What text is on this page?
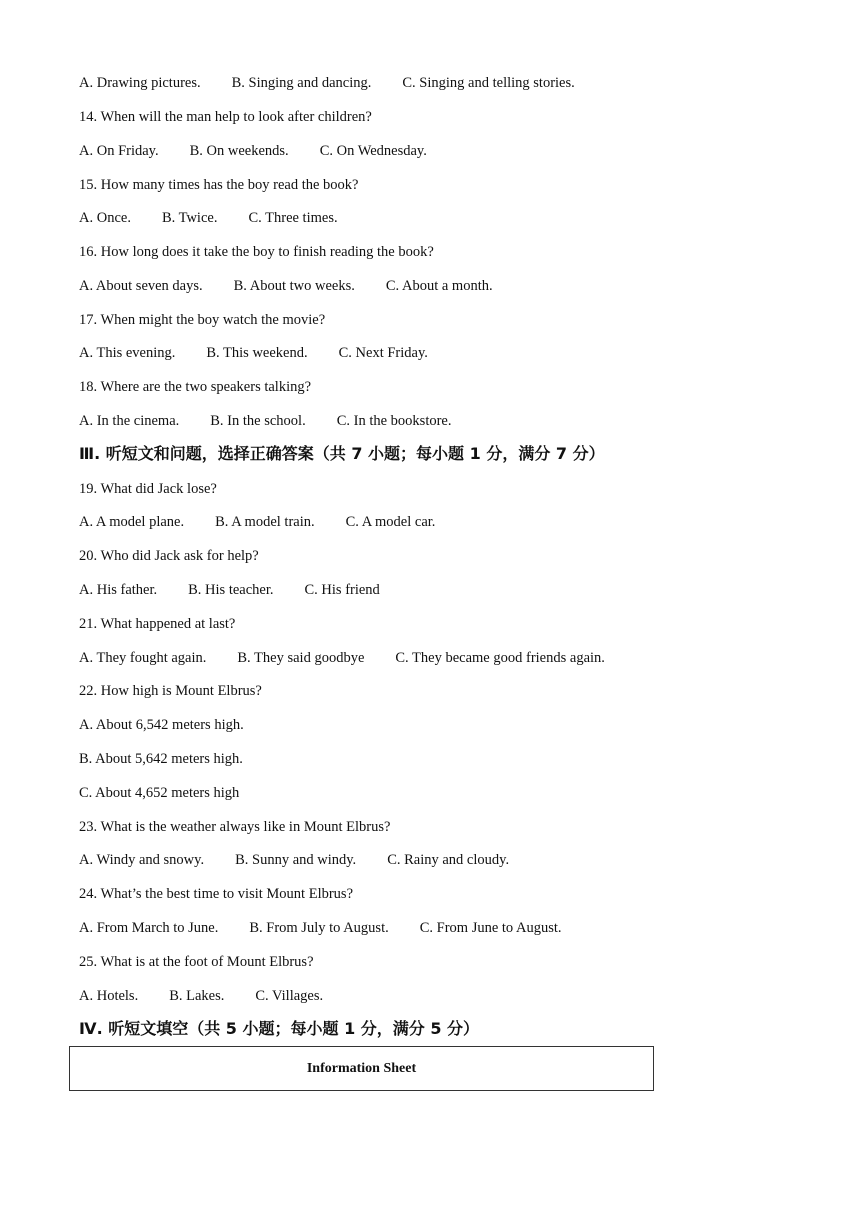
A. Drawing pictures. B. Singing and dancing. C. Singing and telling stories.
14. When will the man help to look after children?
A. On Friday. B. On weekends. C. On Wednesday.
15. How many times has the boy read the book?
A. Once. B. Twice. C. Three times.
16. How long does it take the boy to finish reading the book?
A. About seven days. B. About two weeks. C. About a month.
17. When might the boy watch the movie?
A. This evening. B. This weekend. C. Next Friday.
18. Where are the two speakers talking?
A. In the cinema. B. In the school. C. In the bookstore.
Ⅲ. 听短文和问题，选择正确答案（共 7 小题；每小题 1 分，满分 7 分）
19. What did Jack lose?
A. A model plane. B. A model train. C. A model car.
20. Who did Jack ask for help?
A. His father. B. His teacher. C. His friend
21. What happened at last?
A. They fought again. B. They said goodbye C. They became good friends again.
22. How high is Mount Elbrus?
A. About 6,542 meters high.
B. About 5,642 meters high.
C. About 4,652 meters high
23. What is the weather always like in Mount Elbrus?
A. Windy and snowy. B. Sunny and windy. C. Rainy and cloudy.
24. What’s the best time to visit Mount Elbrus?
A. From March to June. B. From July to August. C. From June to August.
25. What is at the foot of Mount Elbrus?
A. Hotels. B. Lakes. C. Villages.
Ⅳ. 听短文填空（共 5 小题；每小题 1 分，满分 5 分）
Information Sheet
